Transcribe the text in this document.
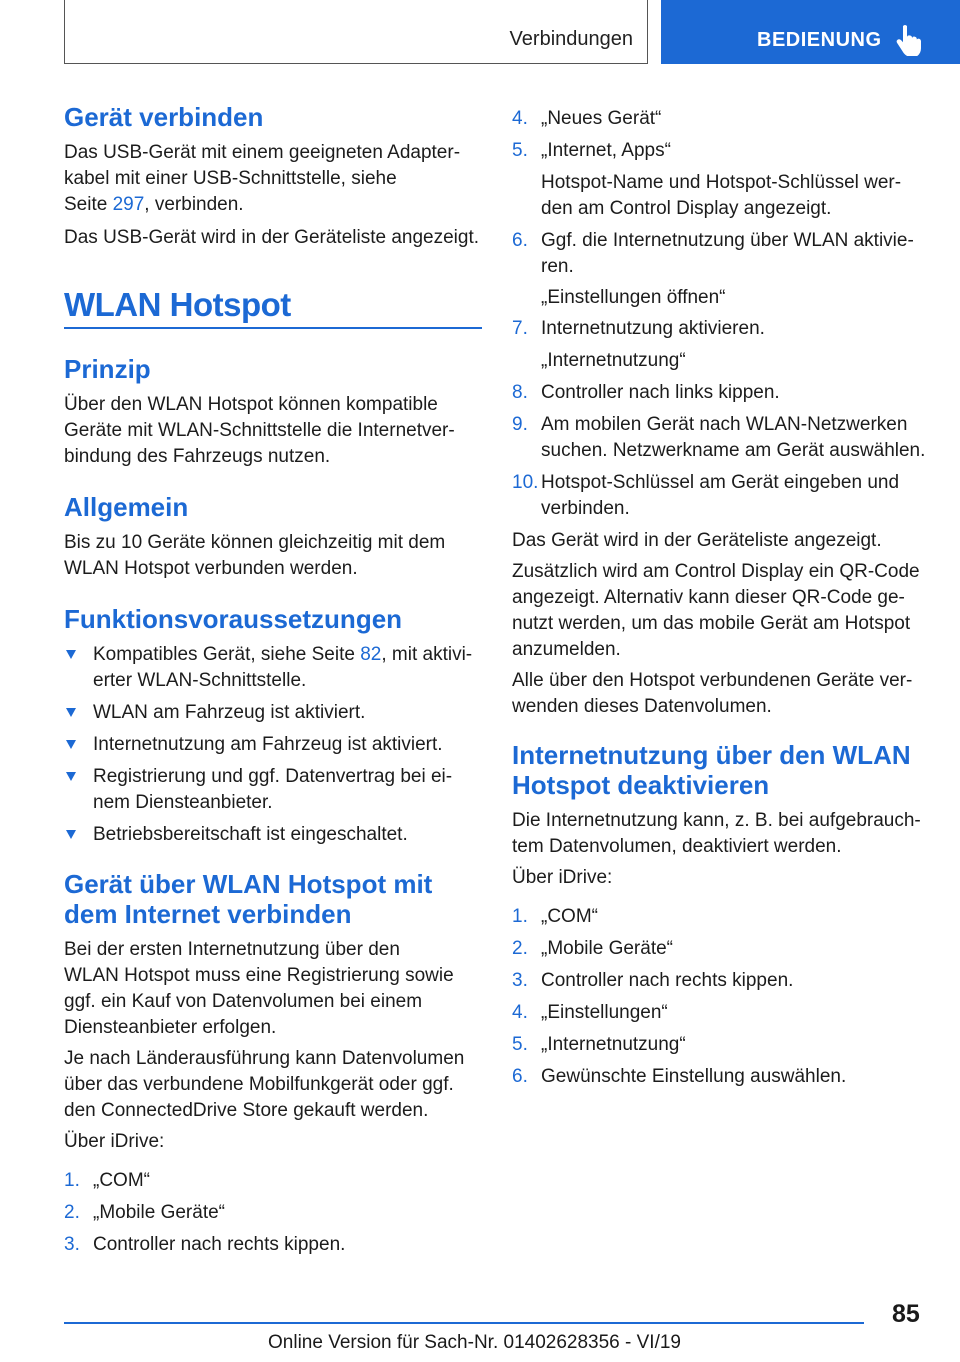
Verbindungen	BEDIENUNG
Gerät verbinden

Das USB-Gerät mit einem geeigneten Adapter-

kabel mit einer USB-Schnittstelle, siehe

Seite 297, verbinden.

Das USB-Gerät wird in der Geräteliste angezeigt.

WLAN Hotspot
Prinzip

Über den WLAN Hotspot können kompatible

Geräte mit WLAN-Schnittstelle die Internetver-

bindung des Fahrzeugs nutzen.

Allgemein

Bis zu 10 Geräte können gleichzeitig mit dem

WLAN Hotspot verbunden werden.

Funktionsvoraussetzungen

Kompatibles Gerät, siehe Seite 82, mit aktivi-

erter WLAN-Schnittstelle.

WLAN am Fahrzeug ist aktiviert.

Internetnutzung am Fahrzeug ist aktiviert.

Registrierung und ggf. Datenvertrag bei ei-

nem Diensteanbieter.

Betriebsbereitschaft ist eingeschaltet.

Gerät über WLAN Hotspot mit
dem Internet verbinden

Bei der ersten Internetnutzung über den

WLAN Hotspot muss eine Registrierung sowie

ggf. ein Kauf von Datenvolumen bei einem

Diensteanbieter erfolgen.

Je nach Länderausführung kann Datenvolumen

über das verbundene Mobilfunkgerät oder ggf.

den ConnectedDrive Store gekauft werden.

Über iDrive:

1. „COM“

2. „Mobile Geräte“

3. Controller nach rechts kippen.

4. „Neues Gerät“

5. „Internet, Apps“

Hotspot-Name und Hotspot-Schlüssel wer-

den am Control Display angezeigt.

6. Ggf. die Internetnutzung über WLAN aktivie-

ren.

„Einstellungen öffnen“

7. Internetnutzung aktivieren.

„Internetnutzung“

8. Controller nach links kippen.

9. Am mobilen Gerät nach WLAN-Netzwerken

suchen. Netzwerkname am Gerät auswählen.

10. Hotspot-Schlüssel am Gerät eingeben und

verbinden.

Das Gerät wird in der Geräteliste angezeigt.

Zusätzlich wird am Control Display ein QR-Code

angezeigt. Alternativ kann dieser QR-Code ge-

nutzt werden, um das mobile Gerät am Hotspot

anzumelden.

Alle über den Hotspot verbundenen Geräte ver-

wenden dieses Datenvolumen.

Internetnutzung über den WLAN
Hotspot deaktivieren

Die Internetnutzung kann, z. B. bei aufgebrauch-

tem Datenvolumen, deaktiviert werden.

Über iDrive:

1. „COM“

2. „Mobile Geräte“

3. Controller nach rechts kippen.

4. „Einstellungen“

5. „Internetnutzung“

6. Gewünschte Einstellung auswählen.

85
Online Version für Sach-Nr. 01402628356 - VI/19
